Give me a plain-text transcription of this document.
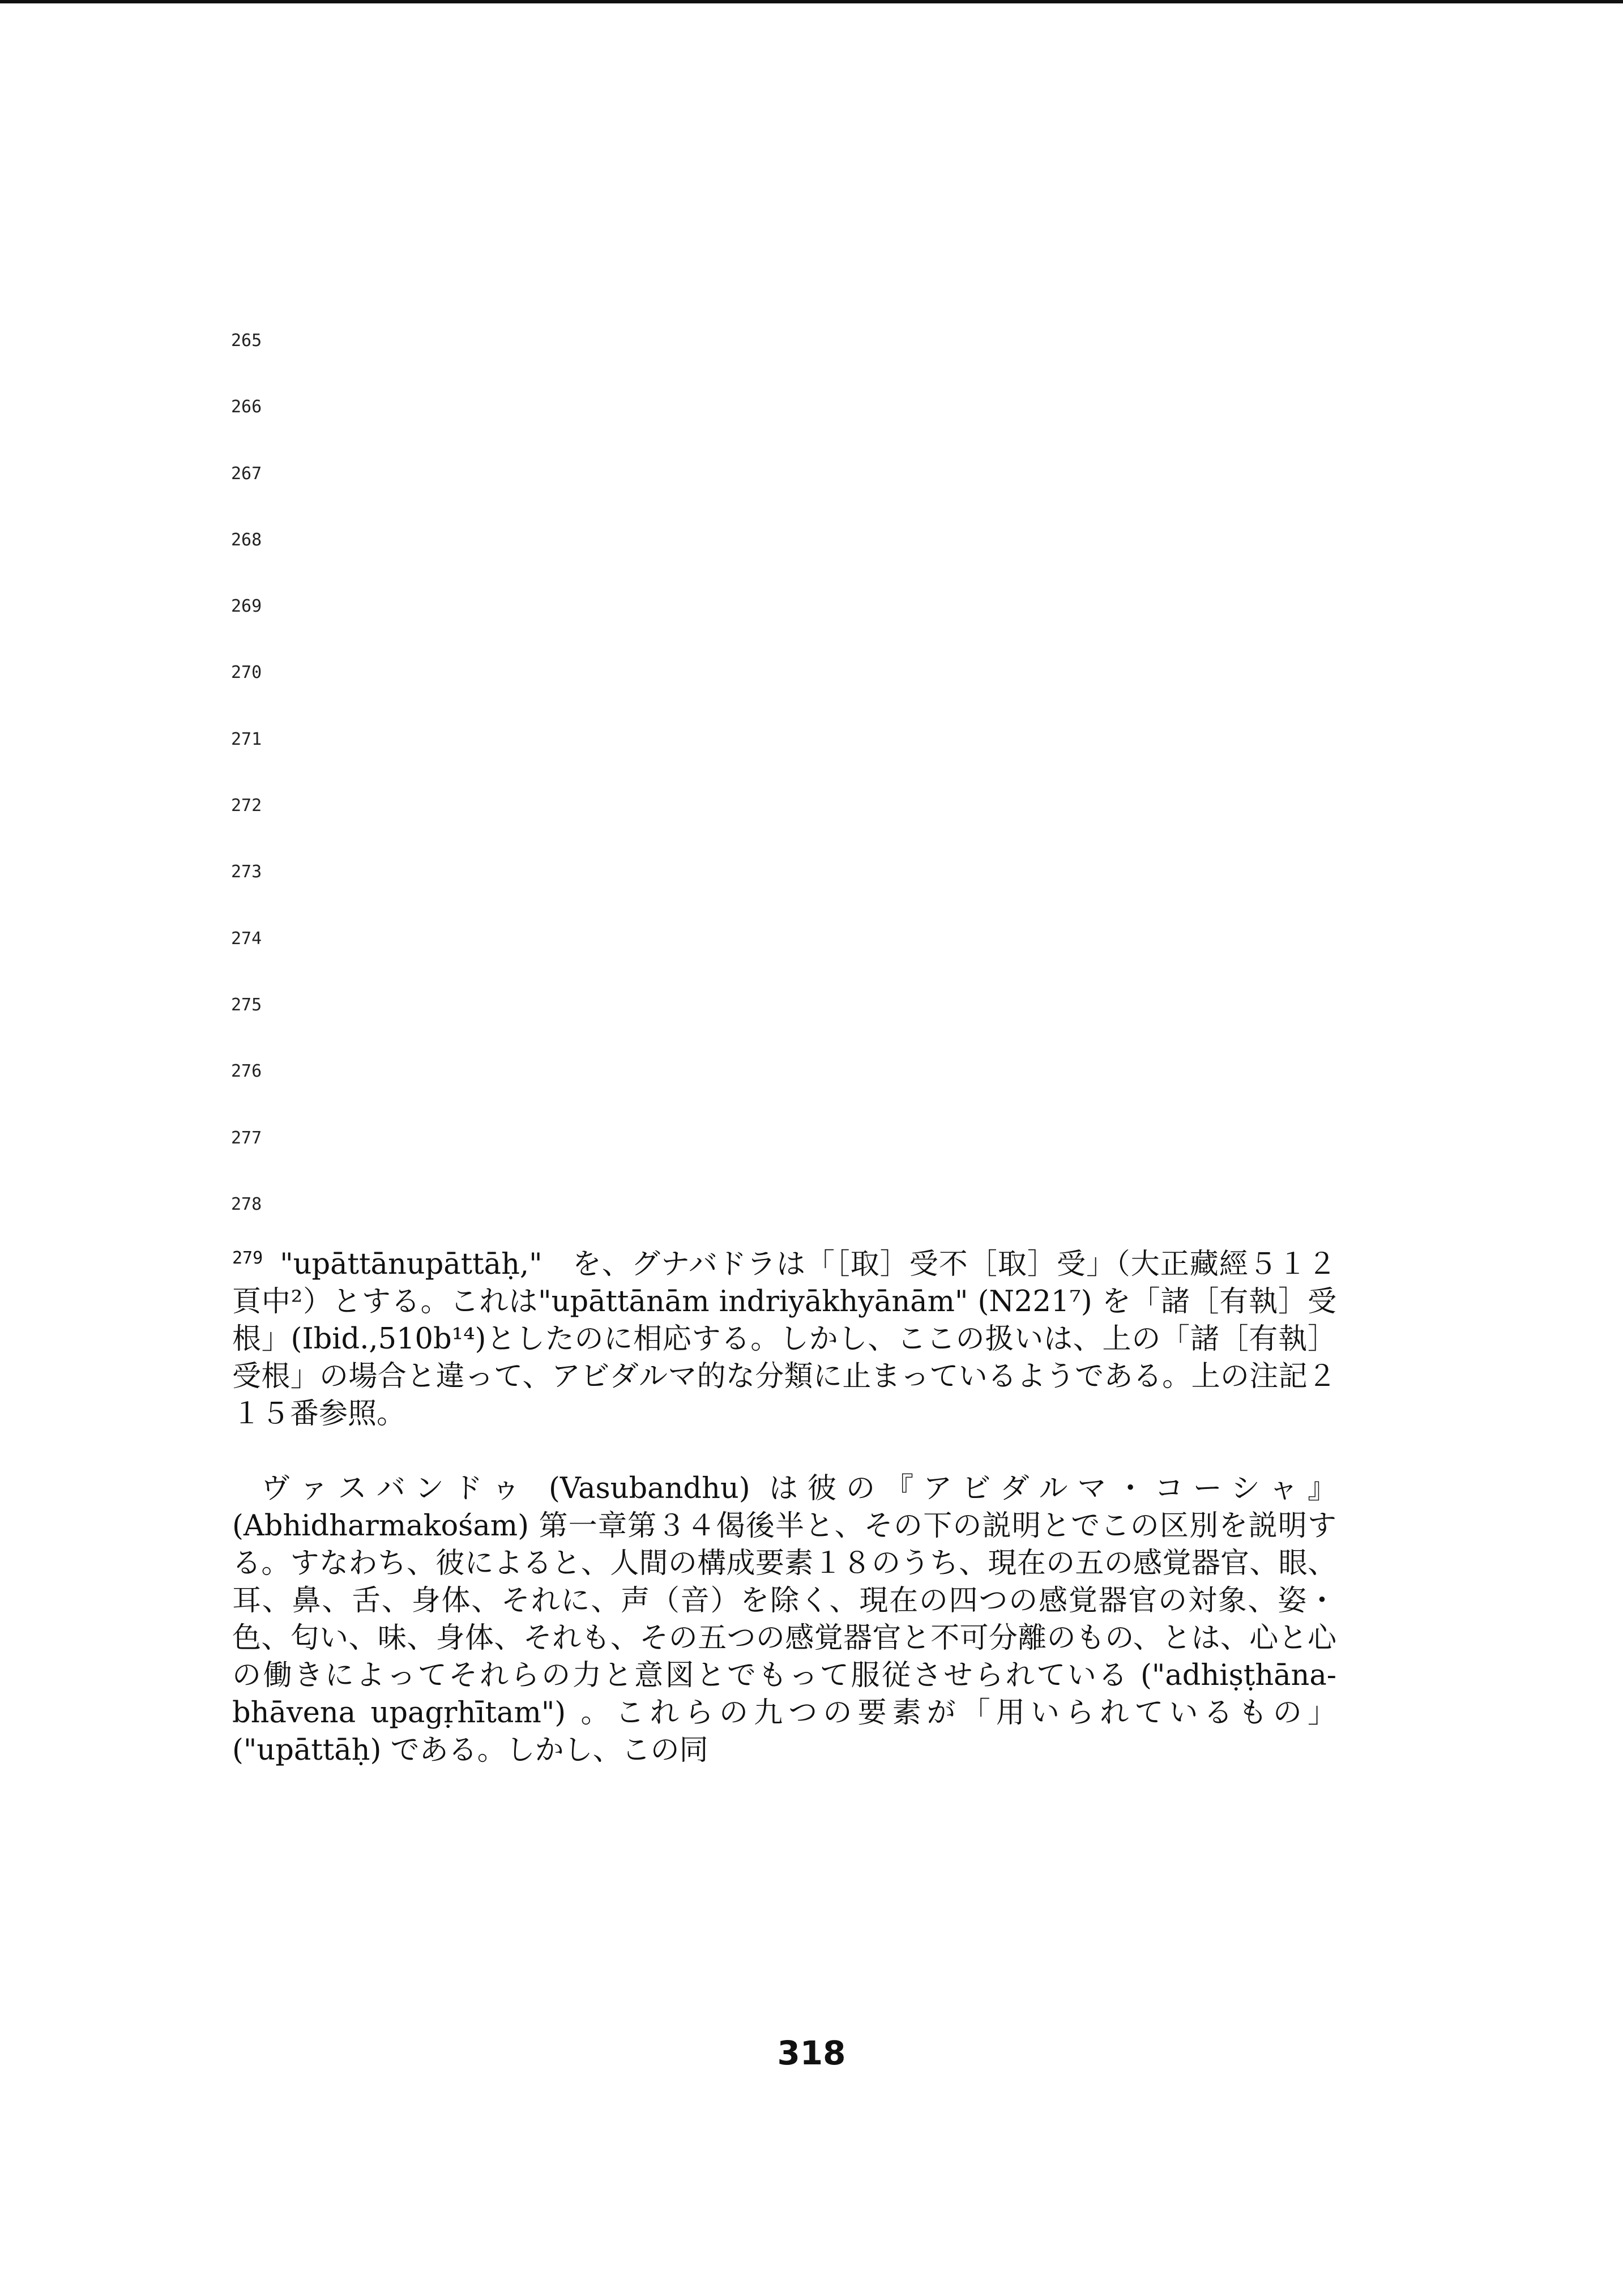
265
266
267
268
269
270
271
272
273
274
275
276
277
278

$^{279}$ "upāttānupāttāḥ,"　を、グナバドラは「［取］受不［取］受」（大正藏經５１２頁中²）とする。これは"upāttānām indriyākhyānām" (N221⁷) を「諸［有執］受根」(Ibid.,510b¹⁴)としたのに相応する。しかし、ここの扱いは、上の「諸［有執］受根」の場合と違って、アビダルマ的な分類に止まっているようである。上の注記２１５番参照。

ヴァスバンドゥ (Vasubandhu) は彼の『アビダルマ・コーシャ』(Abhidharmakośam) 第一章第３４偈後半と、その下の説明とでこの区別を説明する。すなわち、彼によると、人間の構成要素１８のうち、現在の五の感覚器官、眼、耳、鼻、舌、身体、それに、声（音）を除く、現在の四つの感覚器官の対象、姿・色、匂い、味、身体、それも、その五つの感覚器官と不可分離のもの、とは、心と心の働きによってそれらの力と意図とでもって服従させられている ("adhiṣṭhāna-bhāvena upagṛhītam") 。これらの九つの要素が「用いられているもの」("upāttāḥ) である。しかし、この同

318
